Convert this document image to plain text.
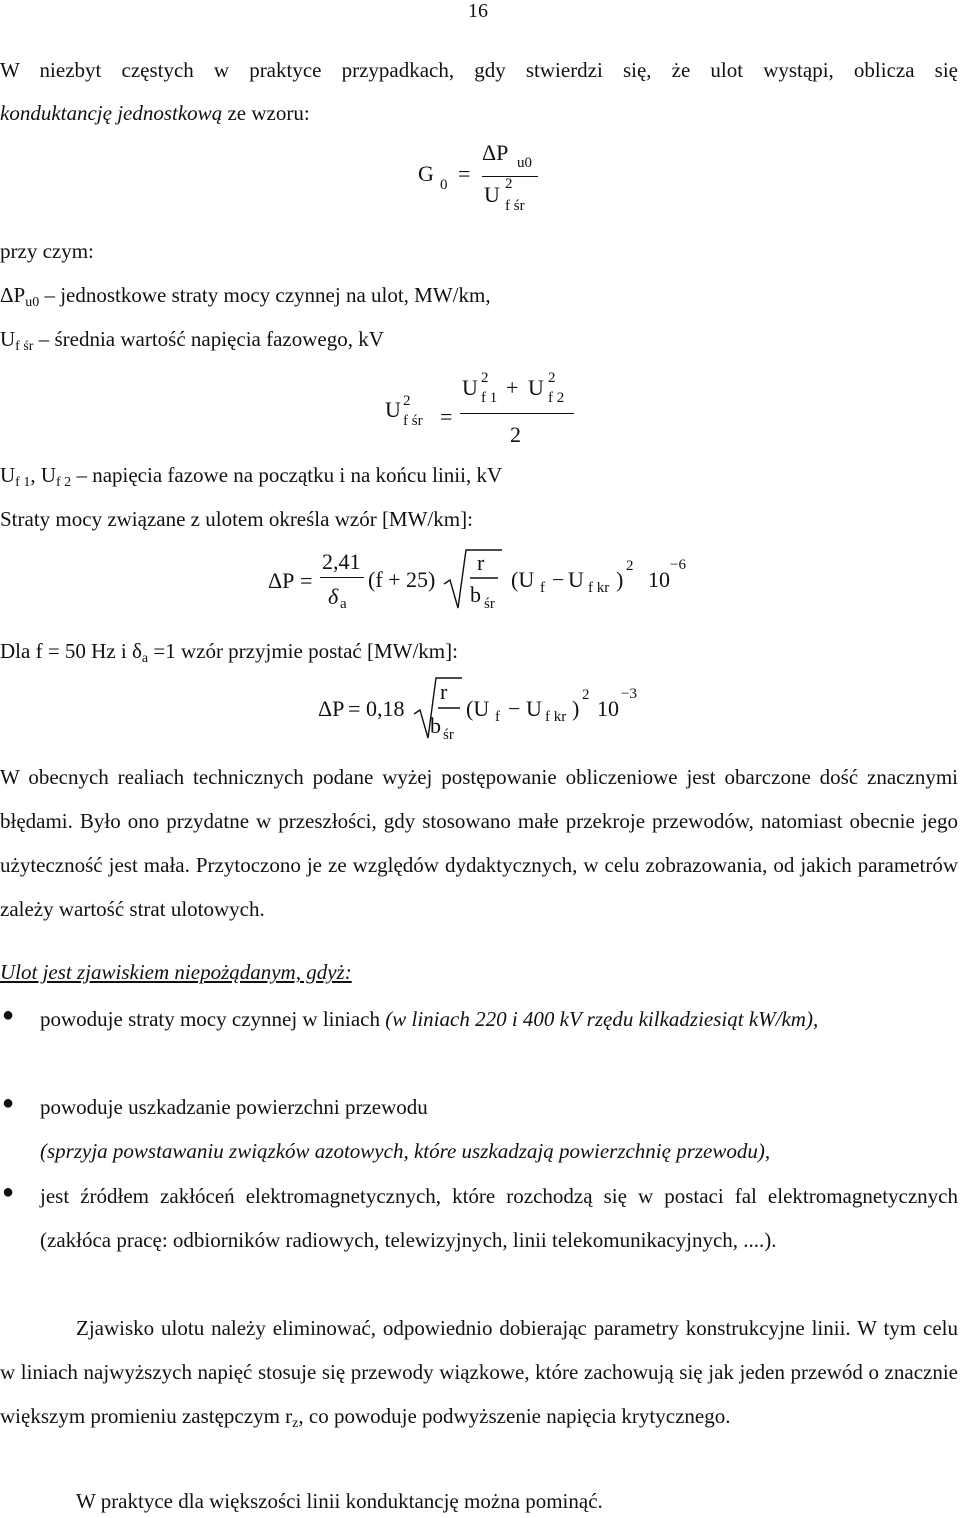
16
W niezbyt częstych w praktyce przypadkach, gdy stwierdzi się, że ulot wystąpi, oblicza się
konduktancję jednostkową ze wzoru:
G 0 =
ΔP u0
U 2
f śr
przy czym:
$\Delta P_{u0}$ – jednostkowe straty mocy czynnej na ulot, MW/km,
$U_{f śr}$ – średnia wartość napięcia fazowego, kV
U 2
f śr =
U 2
f 1 + U 2
f 2
2
$U_{f 1}$, $U_{f 2}$ – napięcia fazowe na początku i na końcu linii, kV
Straty mocy związane z ulotem określa wzór [MW/km]:
ΔP =
2,41
δ a
(f + 25)
r
b śr
(U f − U f kr )
2
10
−6
Dla f = 50 Hz i $\delta_a =1$ wzór przyjmie postać [MW/km]:
ΔP = 0,18
r
b śr
(U f − U f kr )
2
10
−3
W obecnych realiach technicznych podane wyżej postępowanie obliczeniowe jest obarczone dość znacznymi błędami. Było ono przydatne w przeszłości, gdy stosowano małe przekroje przewodów, natomiast obecnie jego użyteczność jest mała. Przytoczono je ze względów dydaktycznych, w celu zobrazowania, od jakich parametrów zależy wartość strat ulotowych.
Ulot jest zjawiskiem niepożądanym, gdyż:
● powoduje straty mocy czynnej w liniach (w liniach 220 i 400 kV rzędu kilkadziesiąt kW/km),
● powoduje uszkadzanie powierzchni przewodu
(sprzyja powstawaniu związków azotowych, które uszkadzają powierzchnię przewodu),
● jest źródłem zakłóceń elektromagnetycznych, które rozchodzą się w postaci fal elektromagnetycznych (zakłóca pracę: odbiorników radiowych, telewizyjnych, linii telekomunikacyjnych, ....).
Zjawisko ulotu należy eliminować, odpowiednio dobierając parametry konstrukcyjne linii. W tym celu w liniach najwyższych napięć stosuje się przewody wiązkowe, które zachowują się jak jeden przewód o znacznie większym promieniu zastępczym $r_z$, co powoduje podwyższenie napięcia krytycznego.
W praktyce dla większości linii konduktancję można pominąć.
